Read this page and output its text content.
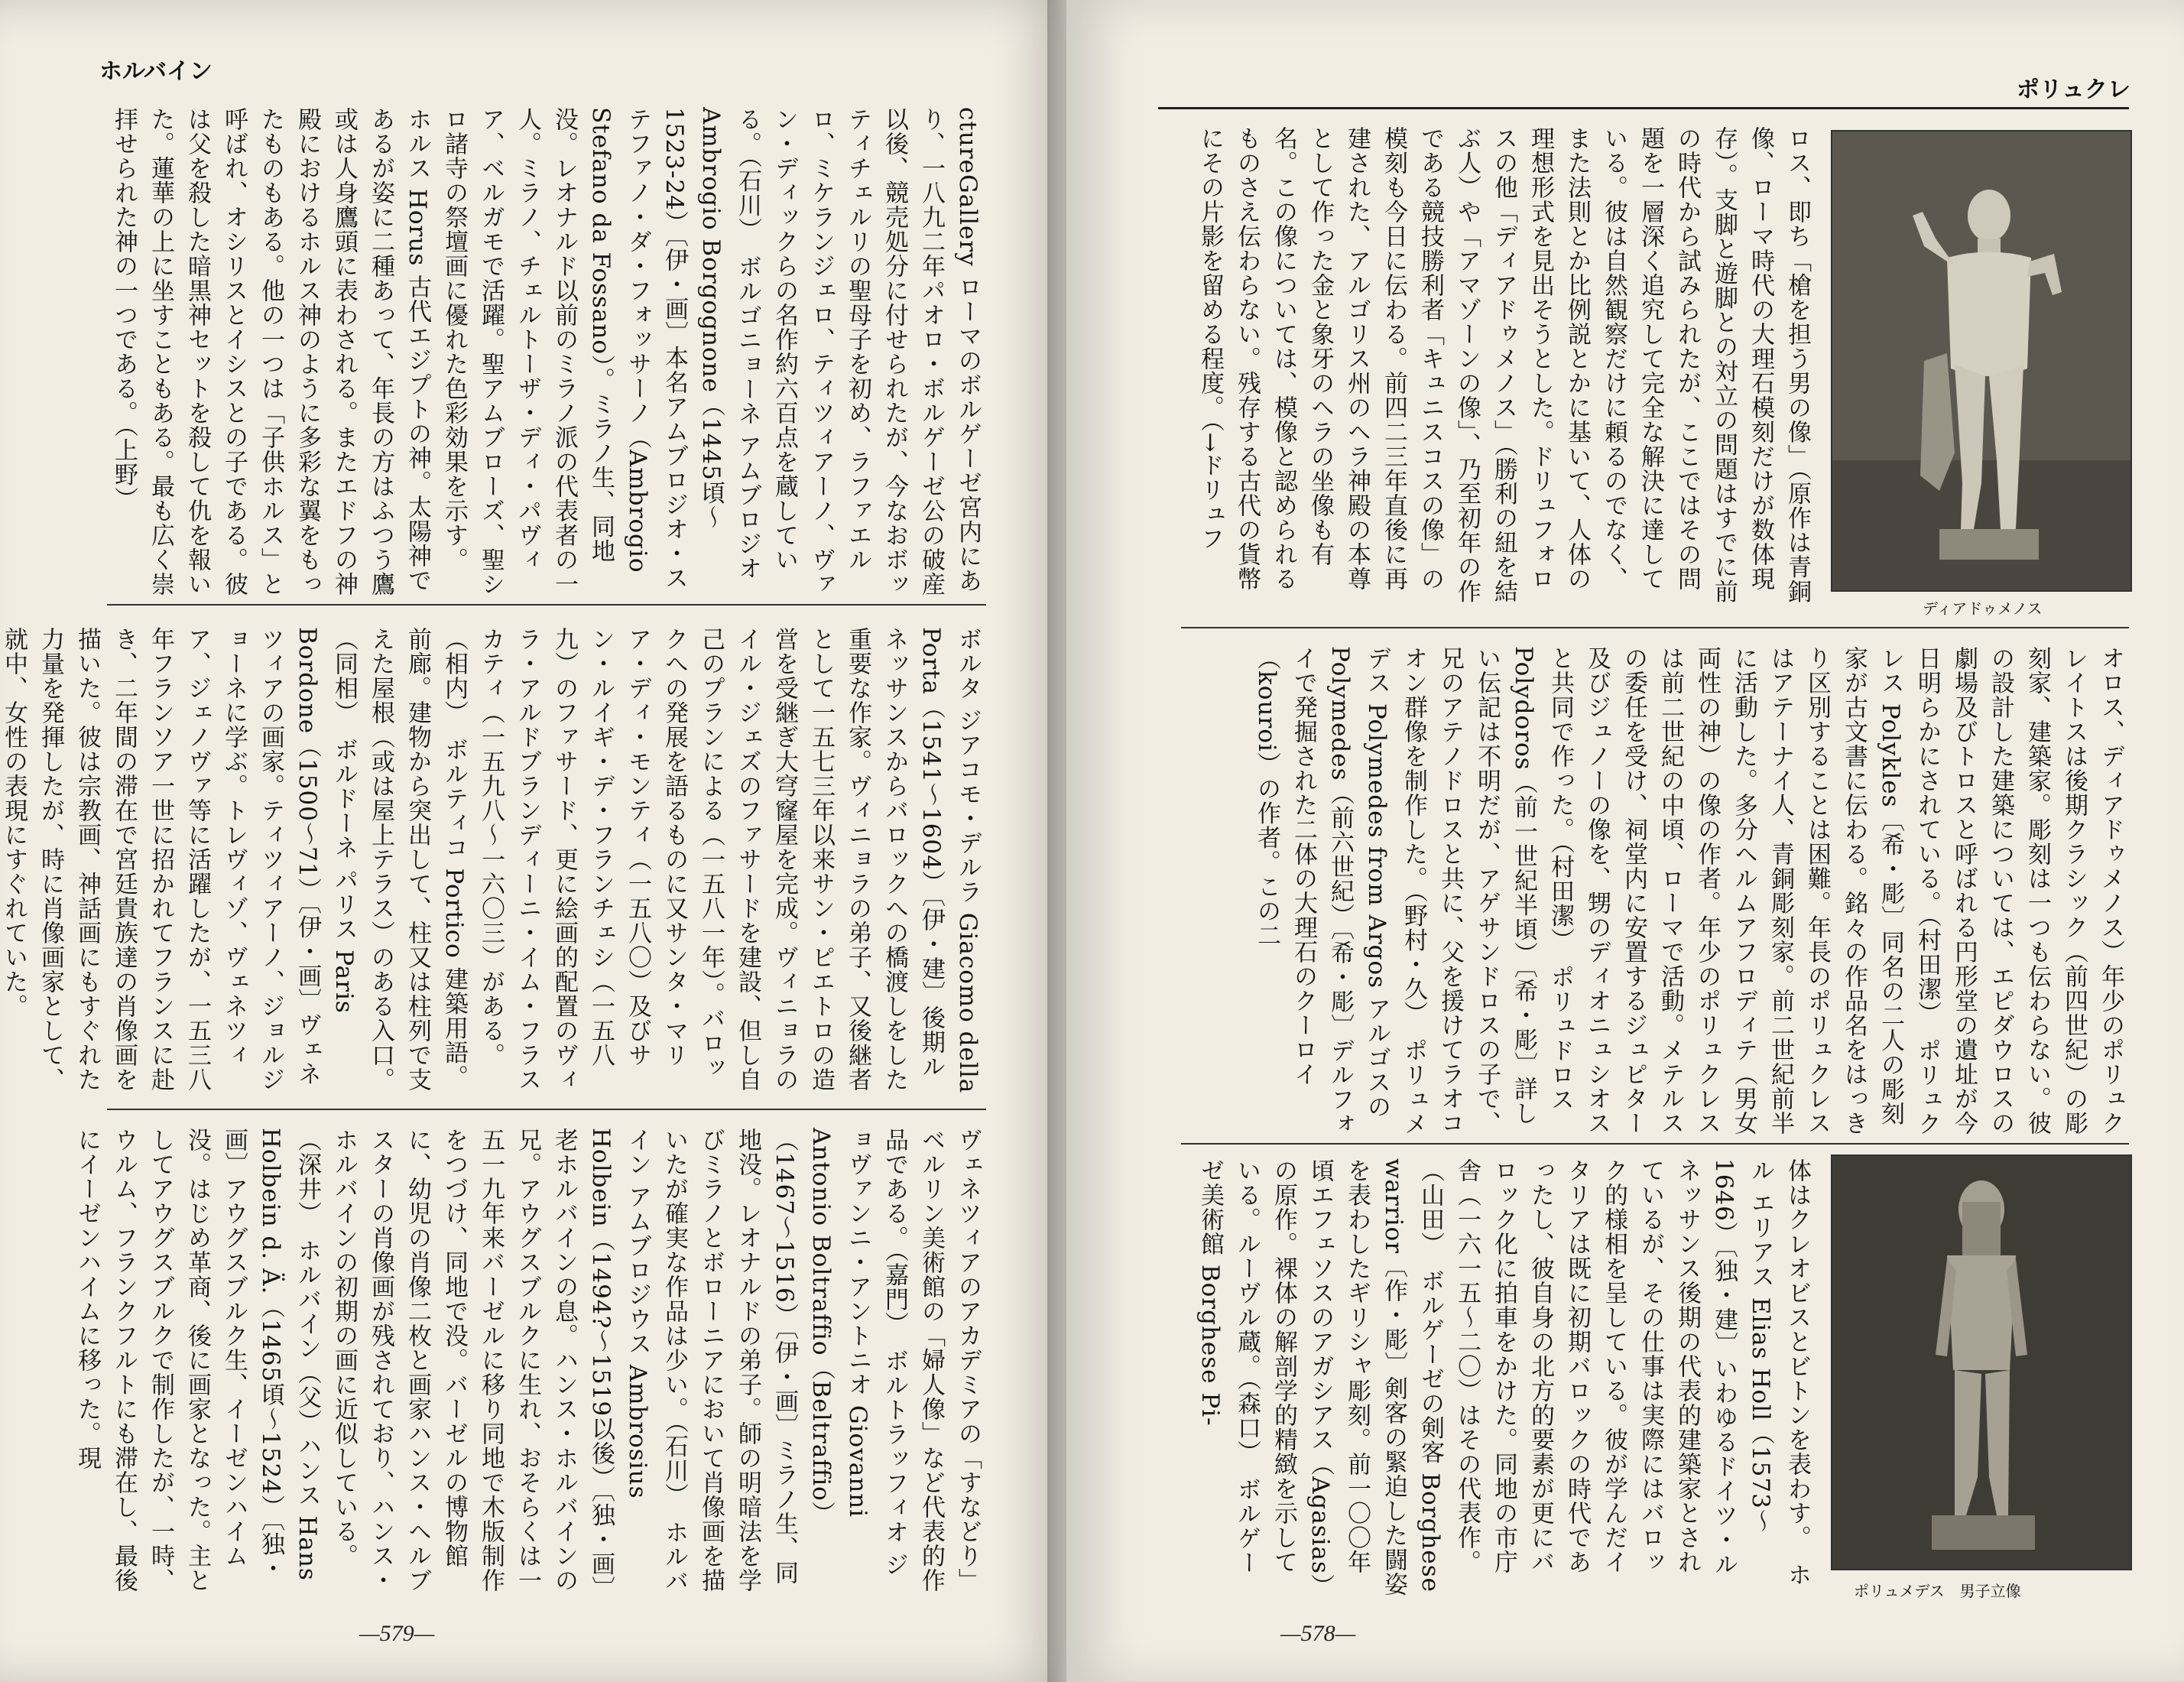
ホルバイン

ctureGallery ローマのボルゲーゼ宮内にあり、一八九二年パオロ・ボルゲーゼ公の破産以後、競売処分に付せられたが、今なおボッティチェルリの聖母子を初め、ラファエルロ、ミケランジェロ、ティツィアーノ、ヴァン・ディックらの名作約六百点を蔵している。（石川）　ボルゴニョーネ アムブロジオ Ambrogio Borgognone（1445頃～1523-24）〔伊・画〕本名アムブロジオ・ステファノ・ダ・フォッサーノ（Ambrogio Stefano da Fossano）。ミラノ生、同地没。レオナルド以前のミラノ派の代表者の一人。ミラノ、チェルトーザ・ディ・パヴィア、ベルガモで活躍。聖アムブローズ、聖シロ諸寺の祭壇画に優れた色彩効果を示す。　ホルス Horus 古代エジプトの神。太陽神であるが姿に二種あって、年長の方はふつう鷹或は人身鷹頭に表わされる。またエドフの神殿におけるホルス神のように多彩な翼をもったものもある。他の一つは「子供ホルス」と呼ばれ、オシリスとイシスとの子である。彼は父を殺した暗黒神セットを殺して仇を報いた。蓮華の上に坐すこともある。最も広く崇拝せられた神の一つである。（上野）

ボルタ ジアコモ・デルラ Giacomo della Porta（1541～1604）〔伊・建〕後期ルネッサンスからバロックへの橋渡しをした重要な作家。ヴィニョラの弟子、又後継者として一五七三年以来サン・ピエトロの造営を受継ぎ大穹窿屋を完成。ヴィニョラのイル・ジェズのファサードを建設、但し自己のプランによる（一五八一年）。バロックへの発展を語るものに又サンタ・マリア・ディ・モンティ（一五八〇）及びサン・ルイギ・デ・フランチェシ（一五八九）のファサード、更に絵画的配置のヴィラ・アルドブランディーニ・イム・フラスカティ（一五九八～一六〇三）がある。（相内）　ボルティコ Portico 建築用語。前廊。建物から突出して、柱又は柱列で支えた屋根（或は屋上テラス）のある入口。（同相）　ボルドーネ パリス Paris Bordone（1500～71）〔伊・画〕ヴェネツィアの画家。ティツィアーノ、ジョルジョーネに学ぶ。トレヴィゾ、ヴェネツィア、ジェノヴァ等に活躍したが、一五三八年フランソア一世に招かれてフランスに赴き、二年間の滞在で宮廷貴族達の肖像画を描いた。彼は宗教画、神話画にもすぐれた力量を発揮したが、時に肖像画家として、就中、女性の表現にすぐれていた。

ヴェネツィアのアカデミアの「すなどり」ベルリン美術館の「婦人像」など代表的作品である。（嘉門）　ボルトラッフィオ ジョヴァンニ・アントニオ Giovanni Antonio Boltraffio（Beltraffio）（1467～1516）〔伊・画〕ミラノ生、同地没。レオナルドの弟子。師の明暗法を学びミラノとボローニアにおいて肖像画を描いたが確実な作品は少い。（石川）　ホルバイン アムブロジウス Ambrosius Holbein（1494?～1519以後）〔独・画〕老ホルバインの息。ハンス・ホルバインの兄。アウグスブルクに生れ、おそらくは一五一九年来バーゼルに移り同地で木版制作をつづけ、同地で没。バーゼルの博物館に、幼児の肖像二枚と画家ハンス・ヘルブスターの肖像画が残されており、ハンス・ホルバインの初期の画に近似している。（深井）　ホルバイン（父）ハンス Hans Holbein d. Ä.（1465頃～1524）〔独・画〕アウグスブルク生、イーゼンハイム没。はじめ革商、後に画家となった。主としてアウグスブルクで制作したが、一時、ウルム、フランクフルトにも滞在し、最後にイーゼンハイムに移った。現

—579—
ポリュクレ

ロス、即ち「槍を担う男の像」（原作は青銅像、ローマ時代の大理石模刻だけが数体現存）。支脚と遊脚との対立の問題はすでに前の時代から試みられたが、ここではその問題を一層深く追究して完全な解決に達している。彼は自然観察だけに頼るのでなく、また法則とか比例説とかに基いて、人体の理想形式を見出そうとした。ドリュフォロスの他「ディアドゥメノス」（勝利の紐を結ぶ人）や「アマゾーンの像」、乃至初年の作である競技勝利者「キュニスコスの像」の模刻も今日に伝わる。前四二三年直後に再建された、アルゴリス州のヘラ神殿の本尊として作った金と象牙のヘラの坐像も有名。この像については、模像と認められるものさえ伝わらない。残存する古代の貨幣にその片影を留める程度。（→ドリュフ

ディアドゥメノス

オロス、ディアドゥメノス）年少のポリュクレイトスは後期クラシック（前四世紀）の彫刻家、建築家。彫刻は一つも伝わらない。彼の設計した建築については、エピダウロスの劇場及びトロスと呼ばれる円形堂の遺址が今日明らかにされている。（村田潔）　ポリュクレス Polykles〔希・彫〕同名の二人の彫刻家が古文書に伝わる。銘々の作品名をはっきり区別することは困難。年長のポリュクレスはアテーナイ人、青銅彫刻家。前二世紀前半に活動した。多分ヘルムアフロディテ（男女両性の神）の像の作者。年少のポリュクレスは前二世紀の中頃、ローマで活動。メテルスの委任を受け、祠堂内に安置するジュピター及びジュノーの像を、甥のディオニュシオスと共同で作った。（村田潔）　ポリュドロス Polydoros（前一世紀半頃）〔希・彫〕詳しい伝記は不明だが、アゲサンドロスの子で、兄のアテノドロスと共に、父を援けてラオコオン群像を制作した。（野村・久）　ポリュメデス Polymedes from Argos アルゴスの Polymedes（前六世紀）〔希・彫〕デルフォイで発掘された二体の大理石のクーロイ（kouroi）の作者。この二

体はクレオビスとビトンを表わす。　ホル エリアス Elias Holl（1573～1646）〔独・建〕いわゆるドイツ・ルネッサンス後期の代表的建築家とされているが、その仕事は実際にはバロック的様相を呈している。彼が学んだイタリアは既に初期バロックの時代であったし、彼自身の北方的要素が更にバロック化に拍車をかけた。同地の市庁舎（一六一五～二〇）はその代表作。（山田）　ボルゲーゼの剣客 Borghese warrior〔作・彫〕剣客の緊迫した闘姿を表わしたギリシャ彫刻。前一〇〇年頃エフェソスのアガシアス（Agasias）の原作。裸体の解剖学的精緻を示している。ルーヴル蔵。（森口）　ボルゲーゼ美術館 Borghese Pi-

ポリュメデス　男子立像
—578—
